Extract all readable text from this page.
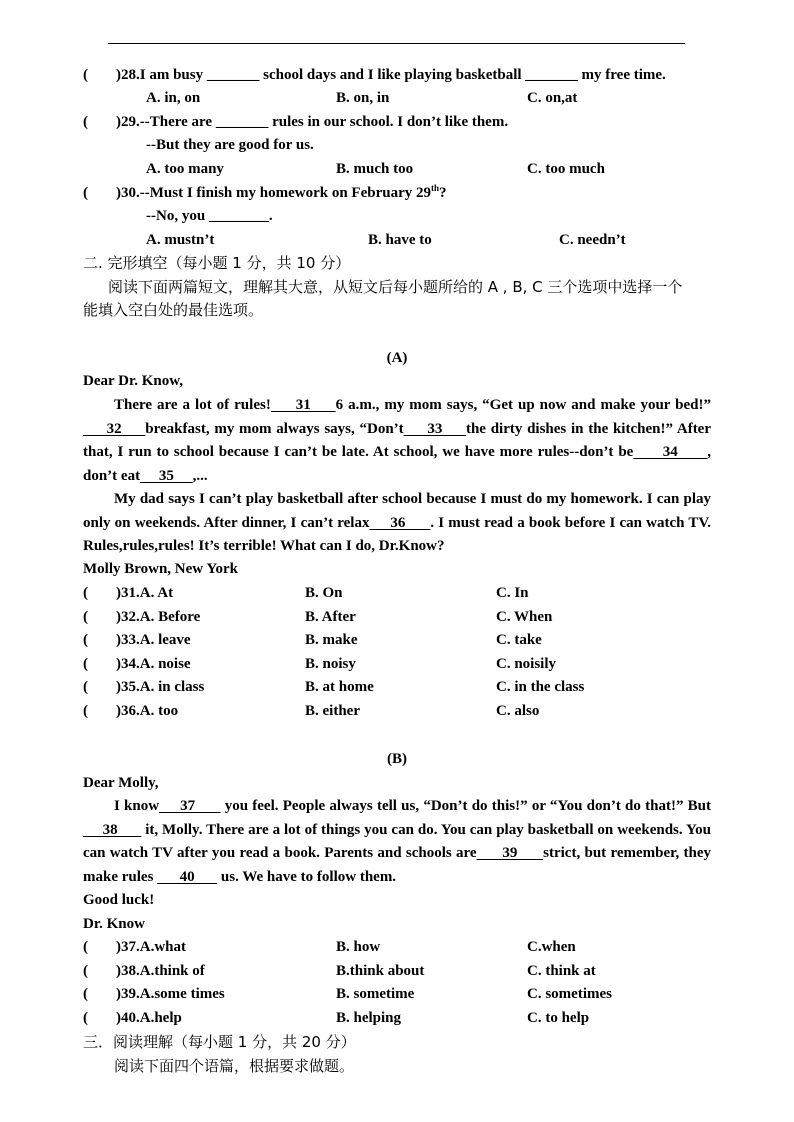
( )28.I am busy _______ school days and I like playing basketball _______ my free time.
A. in, on	B. on, in	C. on,at
( )29.--There are _______ rules in our school. I don’t like them.
--But they are good for us.
A. too many	B. much too	C. too much
( )30.--Must I finish my homework on February 29th?
--No, you ________.
A. mustn’t	B. have to	C. needn’t
二. 完形填空（每小题 1 分，共 10 分）
阅读下面两篇短文，理解其大意，从短文后每小题所给的 A , B, C 三个选项中选择一个
能填入空白处的最佳选项。
(A)
Dear Dr. Know,
There are a lot of rules!     31     6 a.m., my mom says, “Get up now and make your bed!”     32     breakfast, my mom always says, “Don’t     33     the dirty dishes in the kitchen!” After that, I run to school because I can’t be late. At school, we have more rules--don’t be      34      , don’t eat     35     ,...
My dad says I can’t play basketball after school because I must do my homework. I can play only on weekends. After dinner, I can’t relax     36      . I must read a book before I can watch TV. Rules,rules,rules! It’s terrible! What can I do, Dr.Know?
Molly Brown, New York
( )31.A. At	B. On	C. In
( )32.A. Before	B. After	C. When
( )33.A. leave	B. make	C. take
( )34.A. noise	B. noisy	C. noisily
( )35.A. in class	B. at home	C. in the class
( )36.A. too	B. either	C. also
(B)
Dear Molly,
I know     37       you feel. People always tell us, “Don’t do this!” or “You don’t do that!” But      38       it, Molly. There are a lot of things you can do. You can play basketball on weekends. You can watch TV after you read a book. Parents and schools are      39      strict, but remember, they make rules       40       us. We have to follow them.
Good luck!
Dr. Know
( )37.A.what	B. how	C.when
( )38.A.think of	B.think about	C. think at
( )39.A.some times	B. sometime	C. sometimes
( )40.A.help	B. helping	C. to help
三．阅读理解（每小题 1 分，共 20 分）
阅读下面四个语篇，根据要求做题。
